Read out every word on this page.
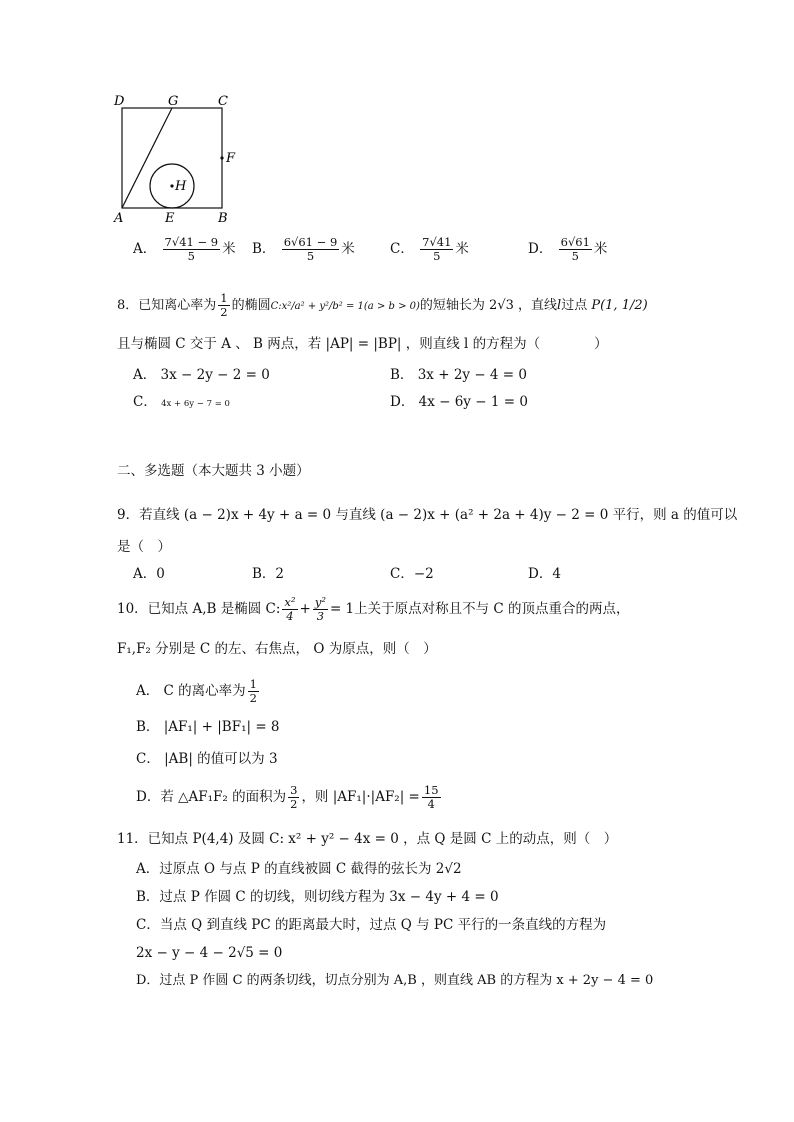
D	G	C
F
H
A	E	B
A． $\frac{7√41 - 9}{5}$ 米 B． $\frac{6√61 - 9}{5}$ 米	C． $\frac{7√41}{5}$ 米	D． $\frac{6√61}{5}$ 米
8．已知离心率为 $\frac{1}{2}$ 的椭圆C:x²/a² + y²/b² = 1(a > b > 0)的短轴长为 2√3 ，直线l过点 P(1, 1/2)
且与椭圆 C 交于 A 、 B 两点，若 |AP| = |BP| ，则直线 l 的方程为（　　　　）
A． 3x − 2y − 2 = 0	B． 3x + 2y − 4 = 0
C． 4x + 6y − 7 = 0	D． 4x − 6y − 1 = 0
二、多选题（本大题共 3 小题）
9．若直线 (a − 2)x + 4y + a = 0 与直线 (a − 2)x + (a² + 2a + 4)y − 2 = 0 平行，则 a 的值可以
是（　）
A．0	B．2	C．−2	D．4
10．已知点 A,B 是椭圆 C: $\frac{\text{x²}}{4} + \frac{\text{y²}}{3} = 1$上关于原点对称且不与 C 的顶点重合的两点，
F₁,F₂ 分别是 C 的左、右焦点， O 为原点，则（　）
A． C 的离心率为 $\frac{1}{2}$
B． |AF₁| + |BF₁| = 8
C． |AB| 的值可以为 3
D．若 △AF₁F₂ 的面积为 $\frac{3}{2}$ ，则 $|AF_1|\cdot|AF_2| = \frac{15}{4}$
11．已知点 P(4,4) 及圆 C: x² + y² − 4x = 0 ，点 Q 是圆 C 上的动点，则（　）
A．过原点 O 与点 P 的直线被圆 C 截得的弦长为 2√2
B．过点 P 作圆 C 的切线，则切线方程为 3x − 4y + 4 = 0
C．当点 Q 到直线 PC 的距离最大时，过点 Q 与 PC 平行的一条直线的方程为
2x − y − 4 − 2√5 = 0
D．过点 P 作圆 C 的两条切线，切点分别为 A,B ，则直线 AB 的方程为 x + 2y − 4 = 0
